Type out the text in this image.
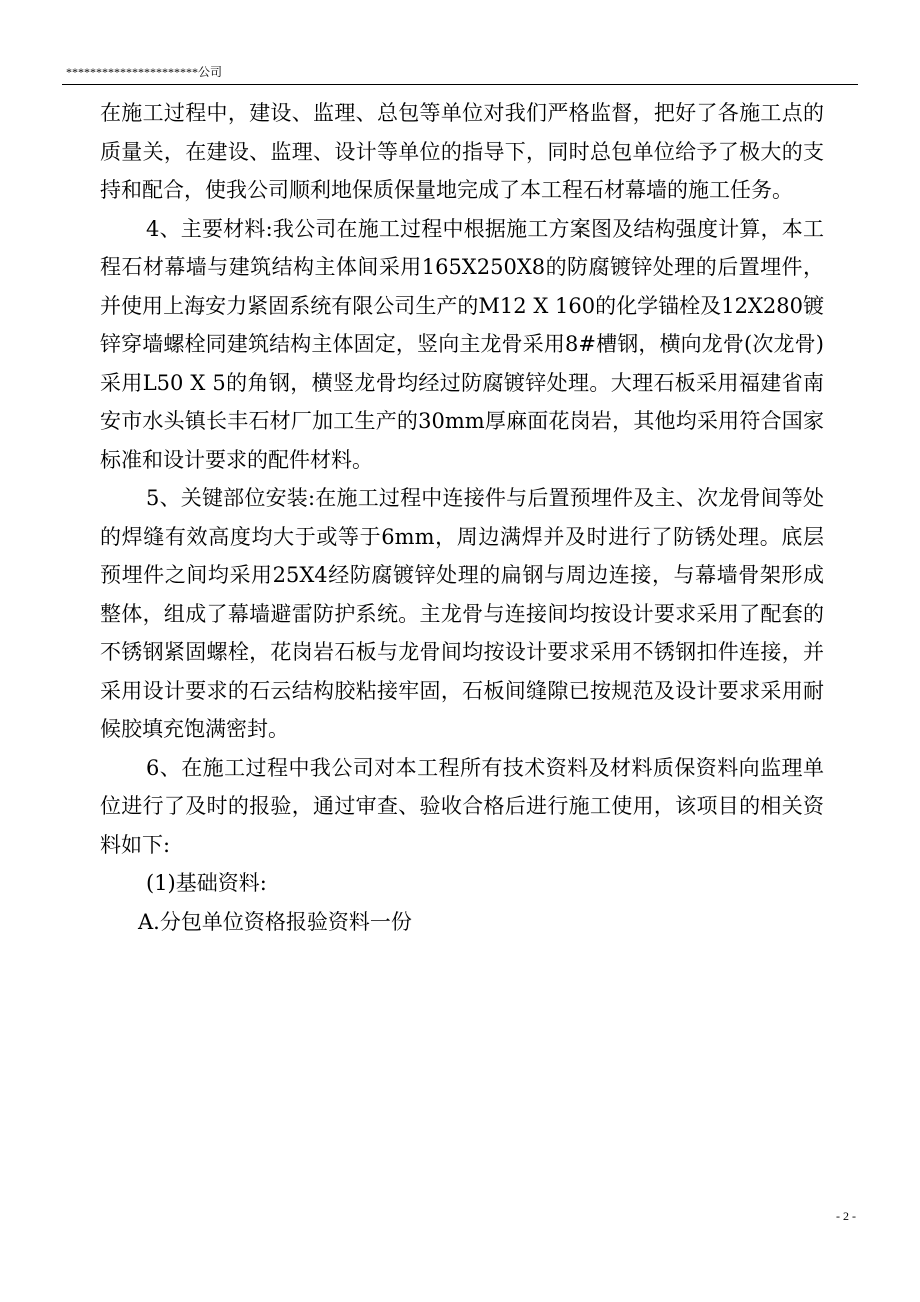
**********************公司

在施工过程中，建设、监理、总包等单位对我们严格监督，把好了各施工点的质量关，在建设、监理、设计等单位的指导下，同时总包单位给予了极大的支持和配合，使我公司顺利地保质保量地完成了本工程石材幕墙的施工任务。

4、主要材料:我公司在施工过程中根据施工方案图及结构强度计算，本工程石材幕墙与建筑结构主体间采用165X250X8的防腐镀锌处理的后置埋件，并使用上海安力紧固系统有限公司生产的M12 X 160的化学锚栓及12X280镀锌穿墙螺栓同建筑结构主体固定，竖向主龙骨采用8#槽钢，横向龙骨(次龙骨)采用L50 X 5的角钢，横竖龙骨均经过防腐镀锌处理。大理石板采用福建省南安市水头镇长丰石材厂加工生产的30mm厚麻面花岗岩，其他均采用符合国家标准和设计要求的配件材料。

5、关键部位安装:在施工过程中连接件与后置预埋件及主、次龙骨间等处的焊缝有效高度均大于或等于6mm，周边满焊并及时进行了防锈处理。底层预埋件之间均采用25X4经防腐镀锌处理的扁钢与周边连接，与幕墙骨架形成整体，组成了幕墙避雷防护系统。主龙骨与连接间均按设计要求采用了配套的不锈钢紧固螺栓，花岗岩石板与龙骨间均按设计要求采用不锈钢扣件连接，并采用设计要求的石云结构胶粘接牢固，石板间缝隙已按规范及设计要求采用耐候胶填充饱满密封。

6、在施工过程中我公司对本工程所有技术资料及材料质保资料向监理单位进行了及时的报验，通过审查、验收合格后进行施工使用，该项目的相关资料如下:

(1)基础资料:

A.分包单位资格报验资料一份

- 2 -
